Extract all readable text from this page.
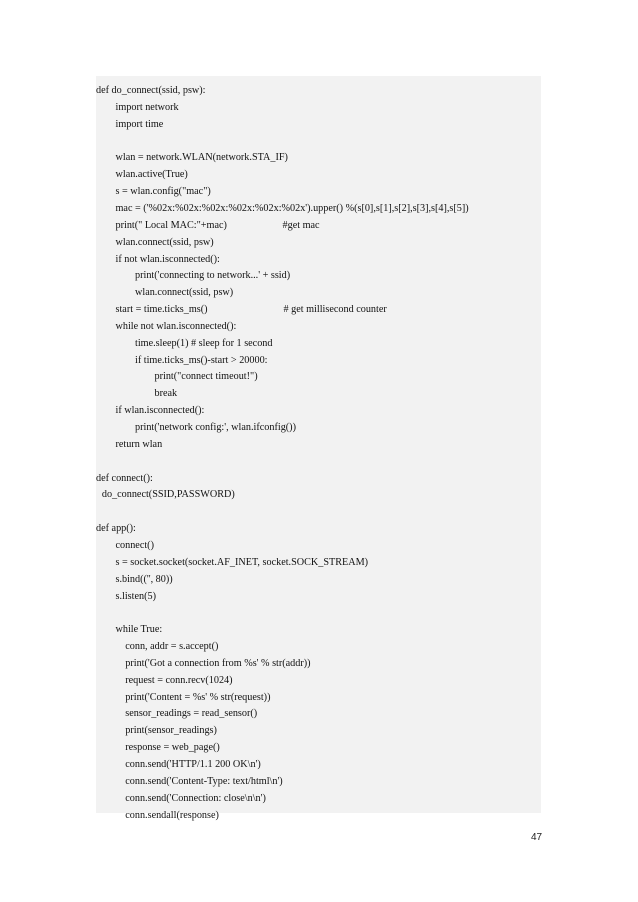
def do_connect(ssid, psw):
import network
import time
wlan = network.WLAN(network.STA_IF)
wlan.active(True)
s = wlan.config("mac")
mac = ('%02x:%02x:%02x:%02x:%02x:%02x').upper() %(s[0],s[1],s[2],s[3],s[4],s[5])
print(" Local MAC:"+mac)	#get mac
wlan.connect(ssid, psw)
if not wlan.isconnected():
print('connecting to network...' + ssid)
wlan.connect(ssid, psw)
start = time.ticks_ms()	# get millisecond counter
while not wlan.isconnected():
time.sleep(1) # sleep for 1 second
if time.ticks_ms()-start > 20000:
print("connect timeout!")
break
if wlan.isconnected():
print('network config:', wlan.ifconfig())
return wlan
def connect():
do_connect(SSID,PASSWORD)
def app():
connect()
s = socket.socket(socket.AF_INET, socket.SOCK_STREAM)
s.bind(('', 80))
s.listen(5)
while True:
conn, addr = s.accept()
print('Got a connection from %s' % str(addr))
request = conn.recv(1024)
print('Content = %s' % str(request))
sensor_readings = read_sensor()
print(sensor_readings)
response = web_page()
conn.send('HTTP/1.1 200 OK\n')
conn.send('Content-Type: text/html\n')
conn.send('Connection: close\n\n')
conn.sendall(response)
47
